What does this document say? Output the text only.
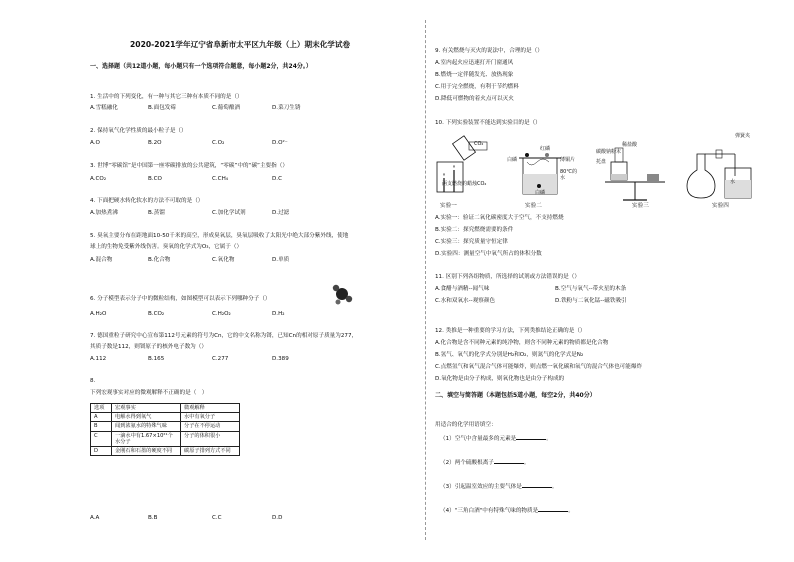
2020-2021学年辽宁省阜新市太平区九年级（上）期末化学试卷
一、选择题（共12道小题，每小题只有一个选项符合题意，每小题2分，共24分。）
1. 生活中的下列变化，有一种与其它三种有本质不同的是（）
A.雪糕融化	B.面包发霉	C.葡萄酿酒	D.菜刀生锈
2. 保持氧气化学性质的最小粒子是（）
A.O	B.2O	C.O₂	D.O²⁻
3. 世博“零碳馆”是中国第一座零碳排放的公共建筑，“零碳”中的“碳”主要指（）
A.CO₂	B.CO	C.CH₄	D.C
4. 下面把硬水转化软水的方法不可取的是（）
A.加热煮沸	B.蒸馏	C.加化学试剂	D.过滤
5. 臭氧主要分布在距地面10-50千米的高空，形成臭氧层，臭氧层吸收了太阳光中绝大部分紫外线，使地
球上的生物免受紫外线伤害。臭氧的化学式为O₃，它属于（）
A.混合物	B.化合物	C.氧化物	D.单质
6. 分子模型表示分子中的微粒结构，如图模型可以表示下列哪种分子（）
A.H₂O	B.CO₂	C.H₂O₂	D.H₂
7. 德国重粒子研究中心宣布第112号元素的符号为Cn，它的中文名称为鿔，已知Cn的相对原子质量为277，
其质子数是112，则鿔原子的核外电子数为（）
A.112	B.165	C.277	D.389
8.
下列宏观事实对应的微观解释不正确的是（　）
选项	宏观事实	微观解释
A	电解水得到氧气	水中有氧分子
B	闻到浓氨水的特殊气味	分子在不停运动
C	一滴水中有1.67×10²¹个水分子	分子的体积很小
D	金刚石和石墨的硬度不同	碳原子排列方式不同
A.A	B.B	C.C	D.D
9. 有关燃烧与灭火的说法中，合理的是（）
A.室内起火应迅速打开门窗通风
B.燃烧一定伴随发光、放热现象
C.用于完全燃烧，有利于节约燃料
D.降低可燃物的着火点可以灭火
10. 下列实验装置不能达到实验目的是（）
CO₂
两支燃烧的蜡烛CO₂
白磷
红磷
薄铜片
80℃的水
白磷
稀盐酸
碳酸钠粉末
托盘
弹簧夹
水
实验一	实验二	实验三	实验四
A.实验一：验证二氧化碳密度大于空气，不支持燃烧
B.实验二：探究燃烧需要的条件
C.实验三：探究质量守恒定律
D.实验四：测量空气中氧气所占的体积分数
11. 区别下列各组物质，所选择的试剂或方法错误的是（）
A.食醋与酒精--闻气味	B.空气与氧气--带火星的木条
C.水和双氧水--观察颜色	D.铁粉与二氧化锰--磁铁吸引
12. 类推是一种重要的学习方法，下列类推结论正确的是（）
A.化合物是含不同种元素的纯净物，则含不同种元素的物质都是化合物
B.氢气、氧气的化学式分别是H₂和O₂，则氮气的化学式是N₂
C.点燃氢气和氧气混合气体可能爆炸，则点燃一氧化碳和氧气的混合气体也可能爆炸
D.氧化物是由分子构成，则氧化物也是由分子构成的
二、填空与简答题（本题包括5道小题，每空2分，共40分）
用适合的化学用语填空：
（1）空气中含量最多的元素是	。
（2）两个硫酸根离子	。
（3）引起温室效应的主要气体是	。
（4）"三角白酒"中有特殊气味的物质是	。
